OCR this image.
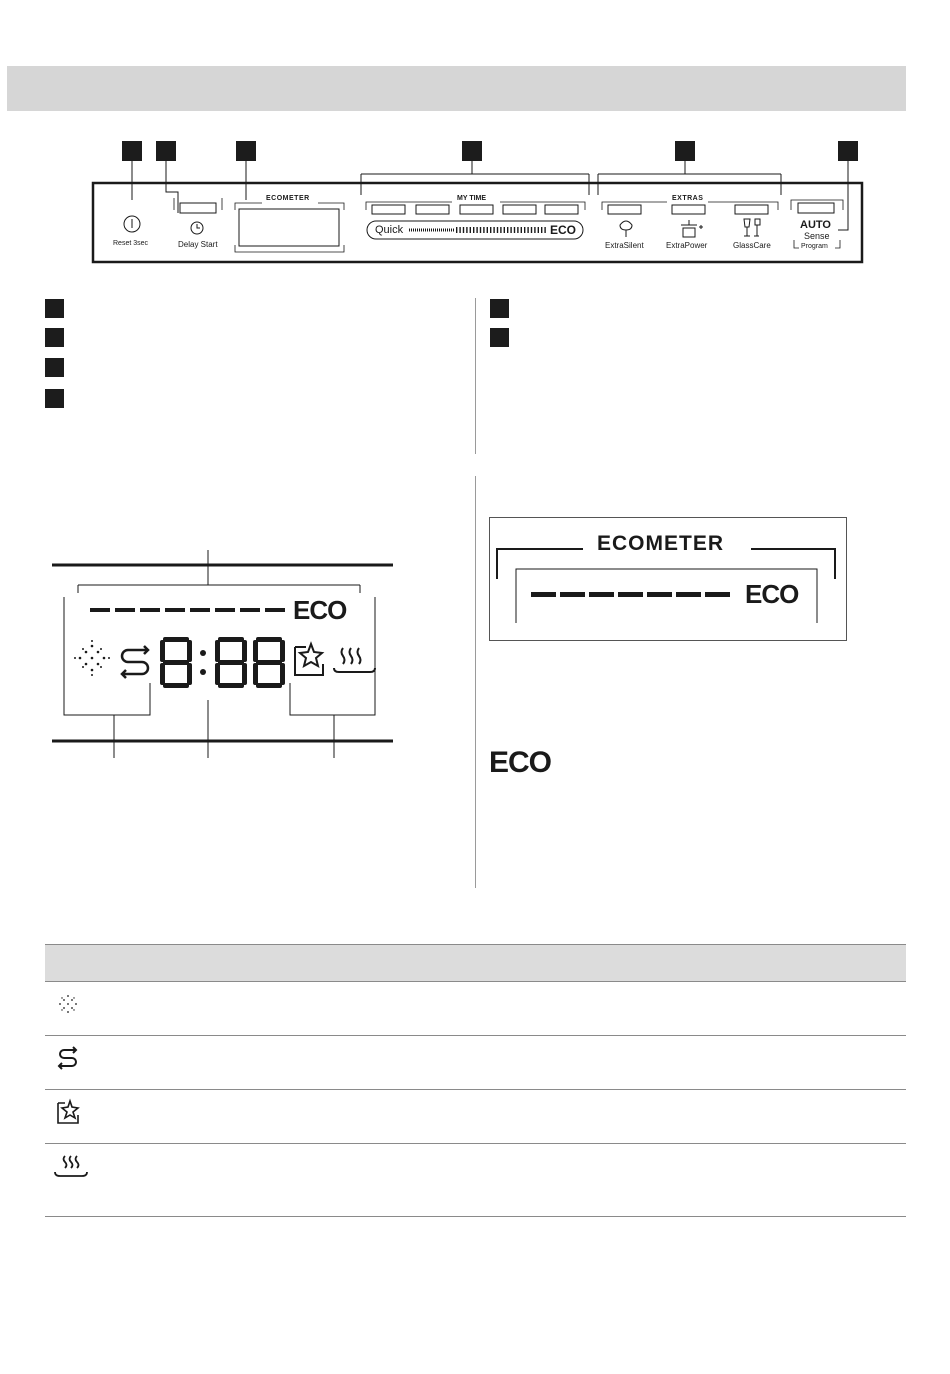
Reset 3sec	Delay Start
ECOMETER	MY TIME
Quick	ECO
EXTRAS
ExtraSilent	ExtraPower	GlassCare
AUTO
Sense
Program
ECO
ECOMETER
ECO
ECO
